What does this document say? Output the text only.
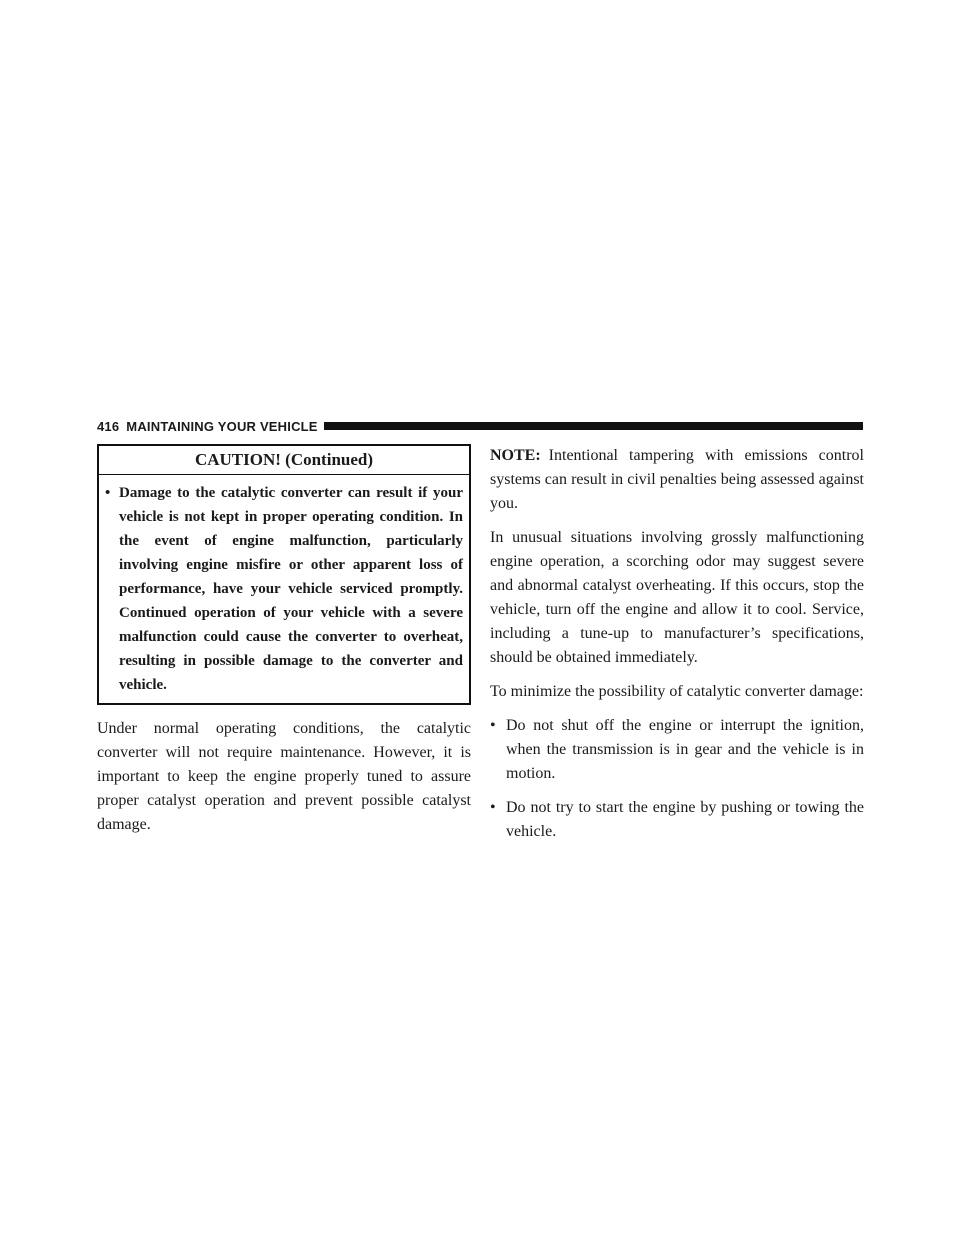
416 MAINTAINING YOUR VEHICLE
CAUTION! (Continued)
• Damage to the catalytic converter can result if your vehicle is not kept in proper operating condition. In the event of engine malfunction, particularly involving engine misfire or other apparent loss of performance, have your vehicle serviced promptly. Continued operation of your vehicle with a severe malfunction could cause the converter to overheat, resulting in possible damage to the converter and vehicle.

Under normal operating conditions, the catalytic converter will not require maintenance. However, it is important to keep the engine properly tuned to assure proper catalyst operation and prevent possible catalyst damage.

NOTE: Intentional tampering with emissions control systems can result in civil penalties being assessed against you.

In unusual situations involving grossly malfunctioning engine operation, a scorching odor may suggest severe and abnormal catalyst overheating. If this occurs, stop the vehicle, turn off the engine and allow it to cool. Service, including a tune-up to manufacturer’s specifications, should be obtained immediately.

To minimize the possibility of catalytic converter damage:

• Do not shut off the engine or interrupt the ignition, when the transmission is in gear and the vehicle is in motion.
• Do not try to start the engine by pushing or towing the vehicle.
